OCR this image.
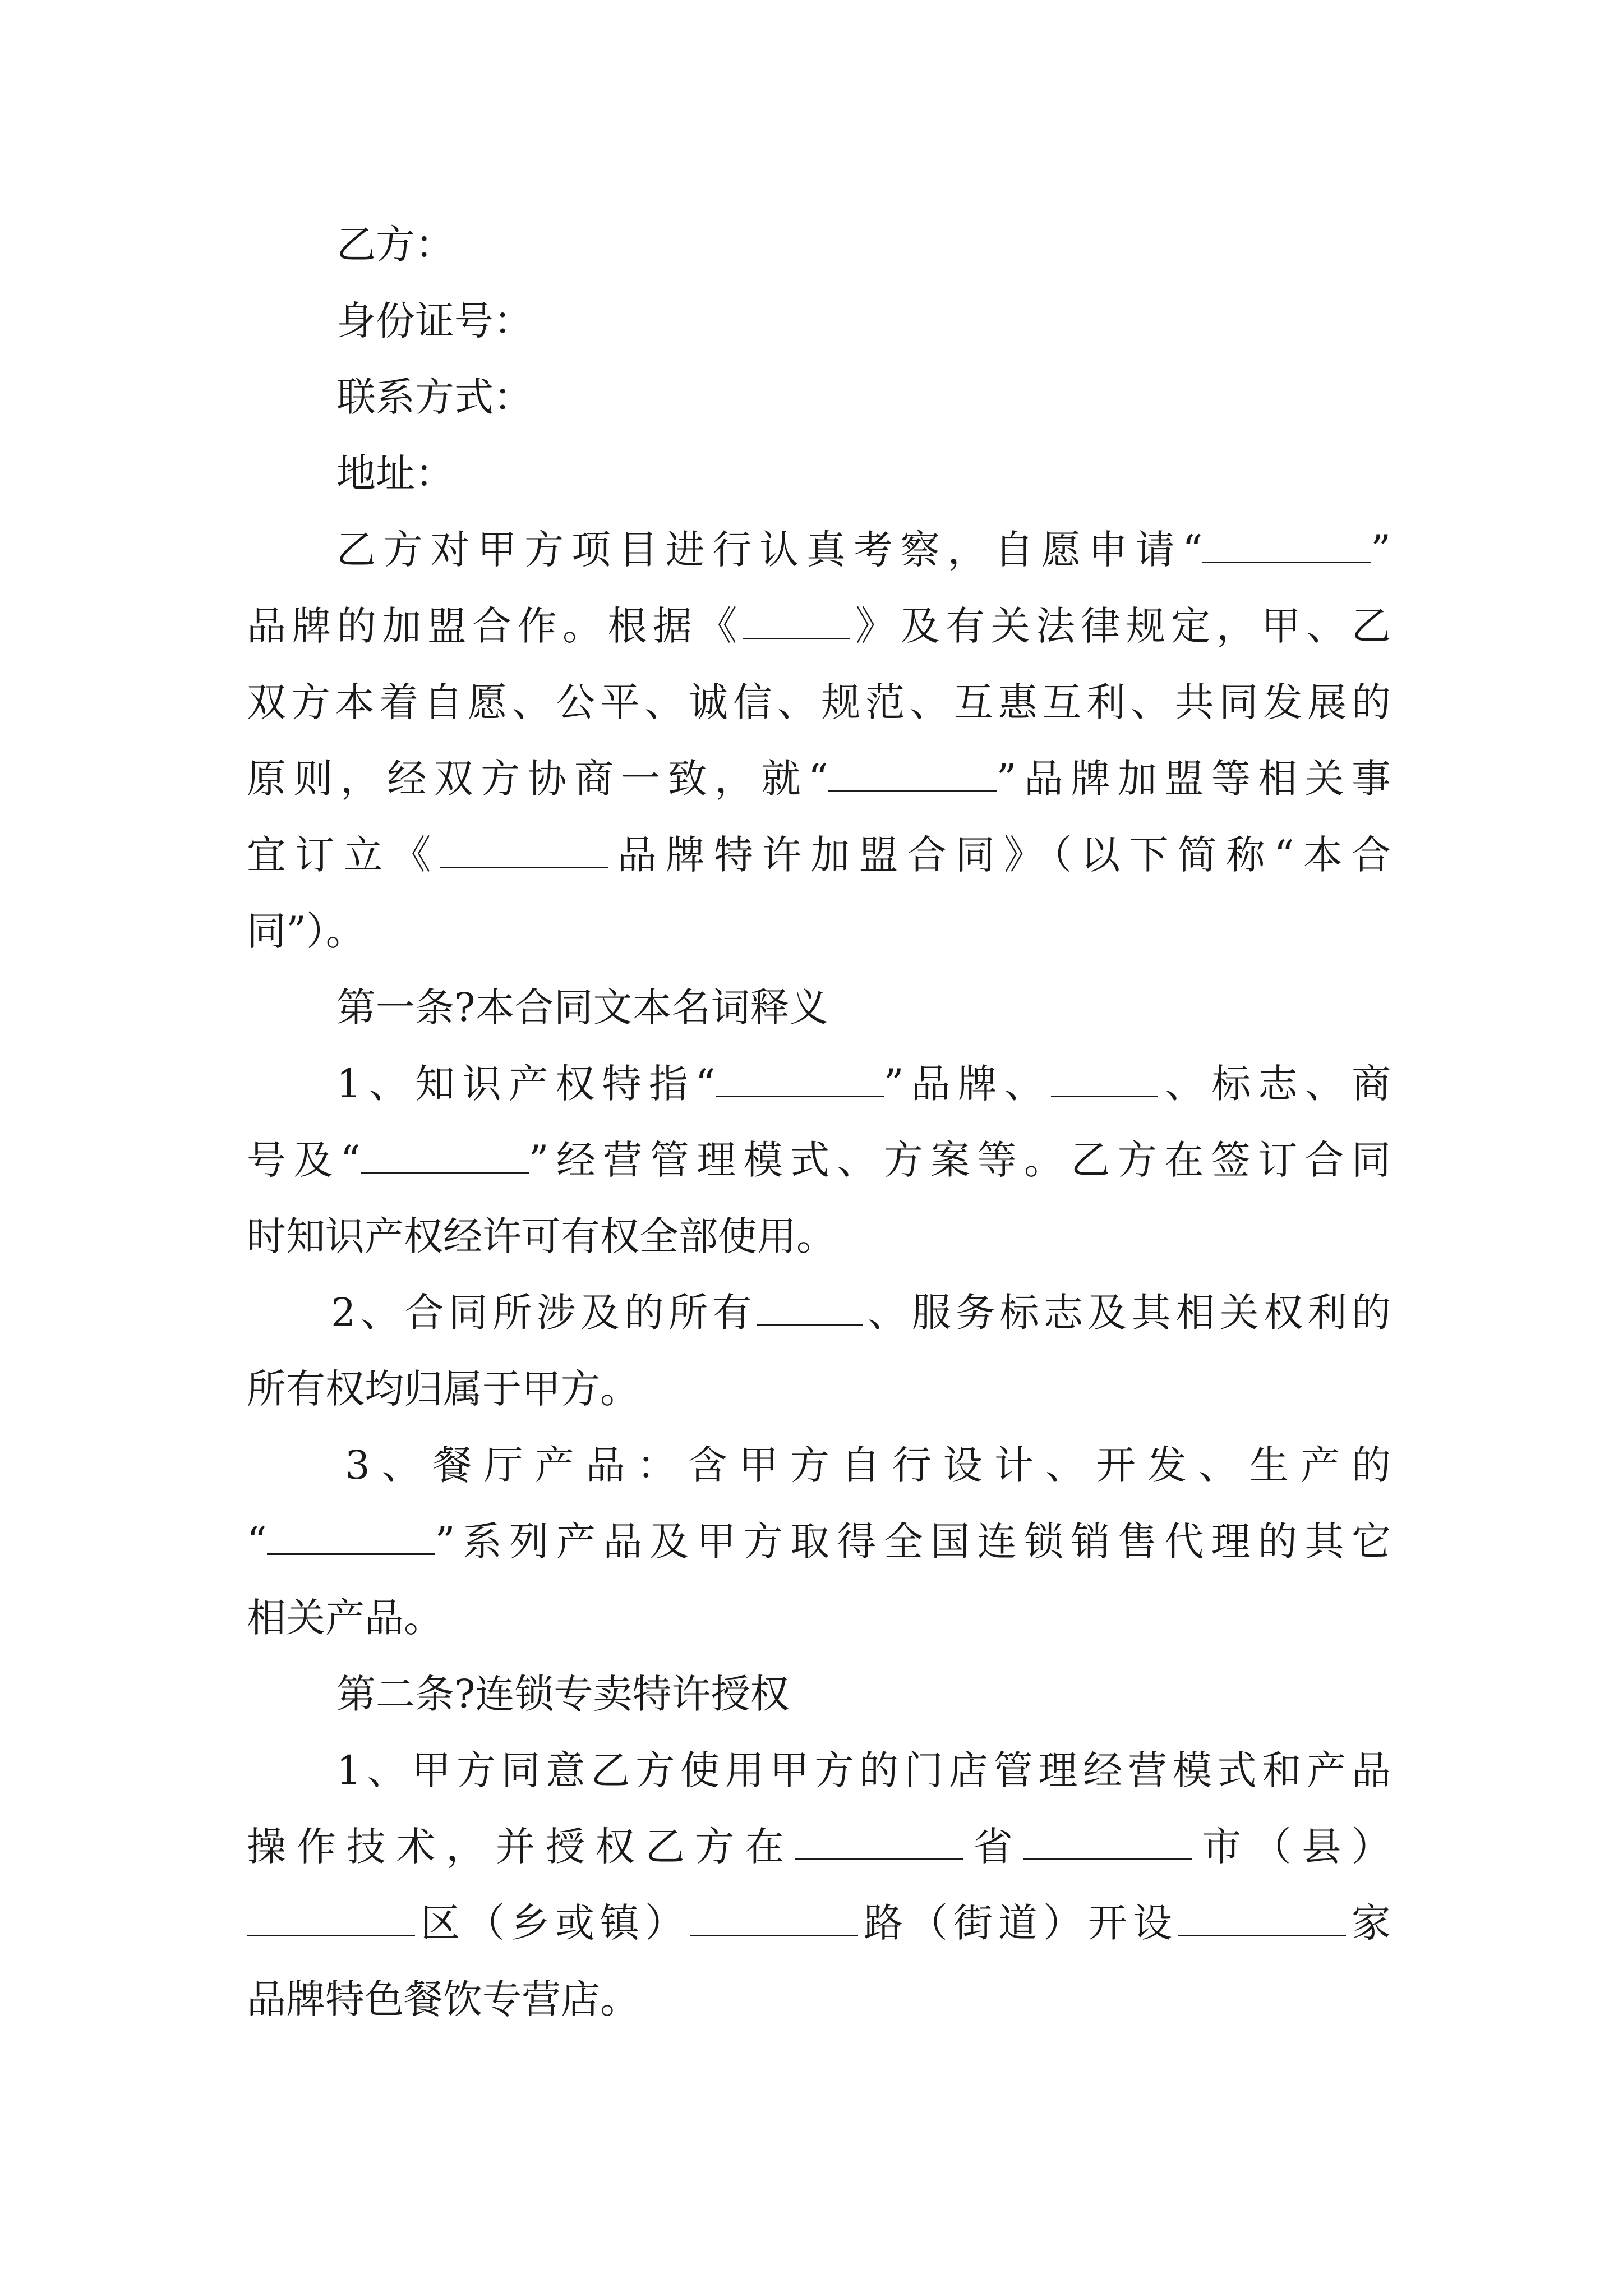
乙方：

身份证号：

联系方式：

地址：

乙方对甲方项目进行认真考察，自愿申请“	”

品牌的加盟合作。根据《	》及有关法律规定，甲、乙

双方本着自愿、公平、诚信、规范、互惠互利、共同发展的

原则，经双方协商一致，就“	”品牌加盟等相关事

宜订立《	品牌特许加盟合同》（以下简称“本合

同”）。

第一条?本合同文本名词释义

1、知识产权特指“	”品牌、	、标志、商

号及“	”经营管理模式、方案等。乙方在签订合同

时知识产权经许可有权全部使用。

2、合同所涉及的所有	、服务标志及其相关权利的

所有权均归属于甲方。

3、餐厅产品：含甲方自行设计、开发、生产的

“	”系列产品及甲方取得全国连锁销售代理的其它

相关产品。

第二条?连锁专卖特许授权

1、甲方同意乙方使用甲方的门店管理经营模式和产品

操作技术，并授权乙方在	省	市（县）

区（乡或镇）	路（街道）开设	家

品牌特色餐饮专营店。
